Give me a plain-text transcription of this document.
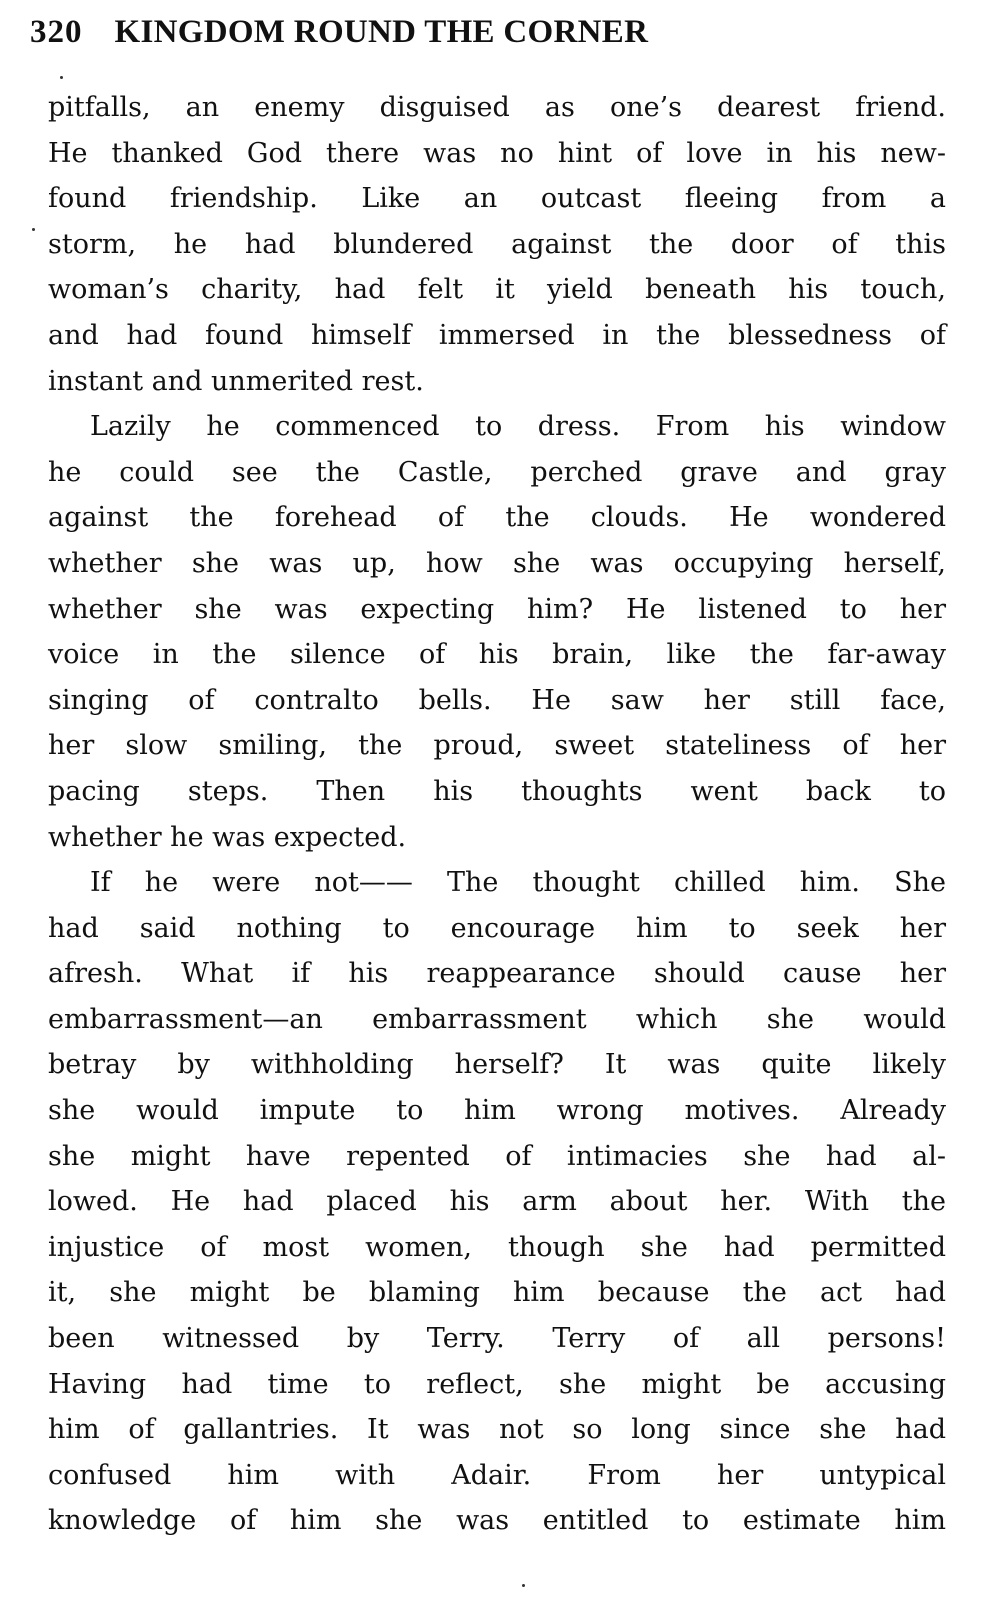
320 KINGDOM ROUND THE CORNER
pitfalls, an enemy disguised as one’s dearest friend.
He thanked God there was no hint of love in his new-
found friendship. Like an outcast fleeing from a
storm, he had blundered against the door of this
woman’s charity, had felt it yield beneath his touch,
and had found himself immersed in the blessedness of
instant and unmerited rest.
Lazily he commenced to dress. From his window
he could see the Castle, perched grave and gray
against the forehead of the clouds. He wondered
whether she was up, how she was occupying herself,
whether she was expecting him? He listened to her
voice in the silence of his brain, like the far-away
singing of contralto bells. He saw her still face,
her slow smiling, the proud, sweet stateliness of her
pacing steps. Then his thoughts went back to
whether he was expected.
If he were not—— The thought chilled him. She
had said nothing to encourage him to seek her
afresh. What if his reappearance should cause her
embarrassment—an embarrassment which she would
betray by withholding herself? It was quite likely
she would impute to him wrong motives. Already
she might have repented of intimacies she had al-
lowed. He had placed his arm about her. With the
injustice of most women, though she had permitted
it, she might be blaming him because the act had
been witnessed by Terry. Terry of all persons!
Having had time to reflect, she might be accusing
him of gallantries. It was not so long since she had
confused him with Adair. From her untypical
knowledge of him she was entitled to estimate him
